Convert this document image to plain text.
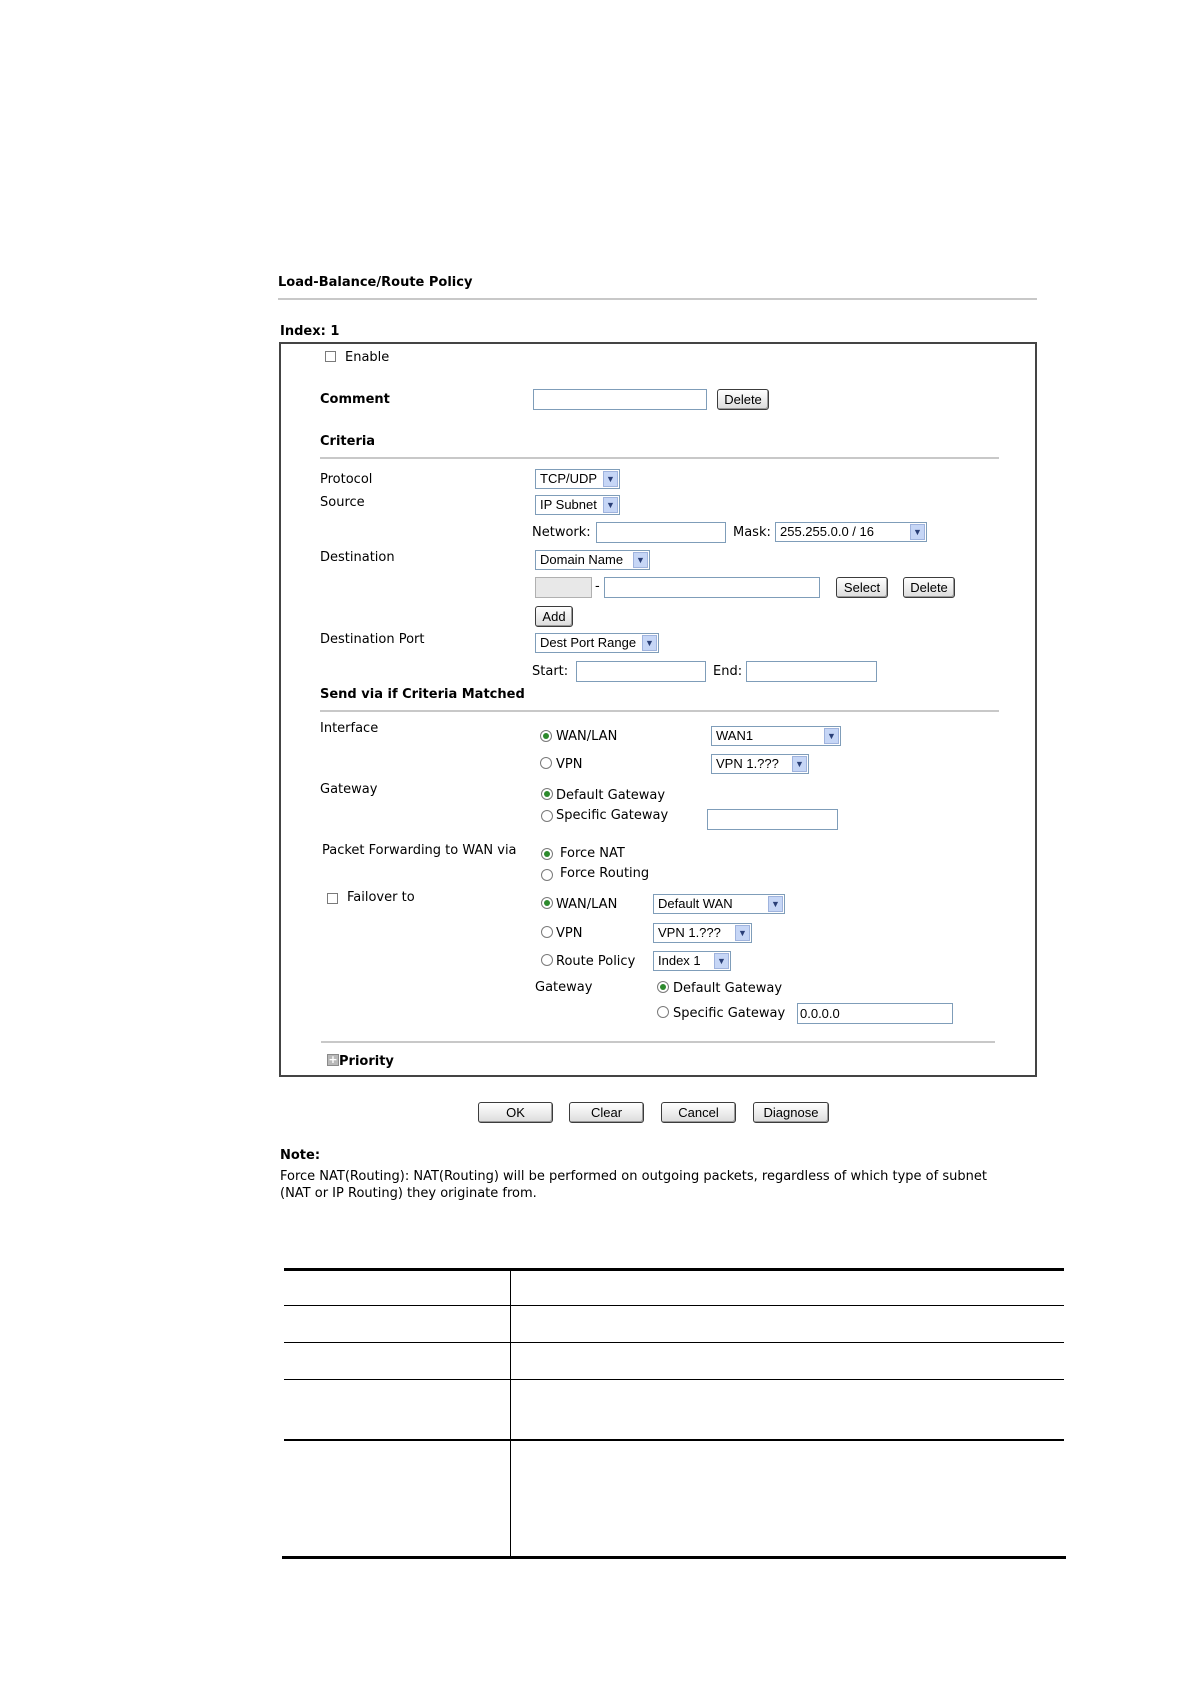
Load-Balance/Route Policy
Index: 1
Enable
Comment	Delete
Criteria
Protocol	TCP/UDP ▼
Source	IP Subnet	▼
Network:	Mask: 255.255.0.0 / 16	▼
Destination	Domain Name	▼
-	Select	Delete
Add
Destination Port	Dest Port Range ▼
Start:	End:
Send via if Criteria Matched
Interface
WAN/LAN	WAN1	▼
VPN	VPN 1.???	▼
Gateway	Default Gateway
Specific Gateway
Packet Forwarding to WAN via	Force NAT
Force Routing
Failover to	WAN/LAN	Default WAN	▼
VPN	VPN 1.???	▼
Route Policy	Index 1	▼
Gateway	Default Gateway
Specific Gateway 0.0.0.0
+ Priority
OK	Clear	Cancel	Diagnose
Note:
Force NAT(Routing): NAT(Routing) will be performed on outgoing packets, regardless of which type of subnet
(NAT or IP Routing) they originate from.
